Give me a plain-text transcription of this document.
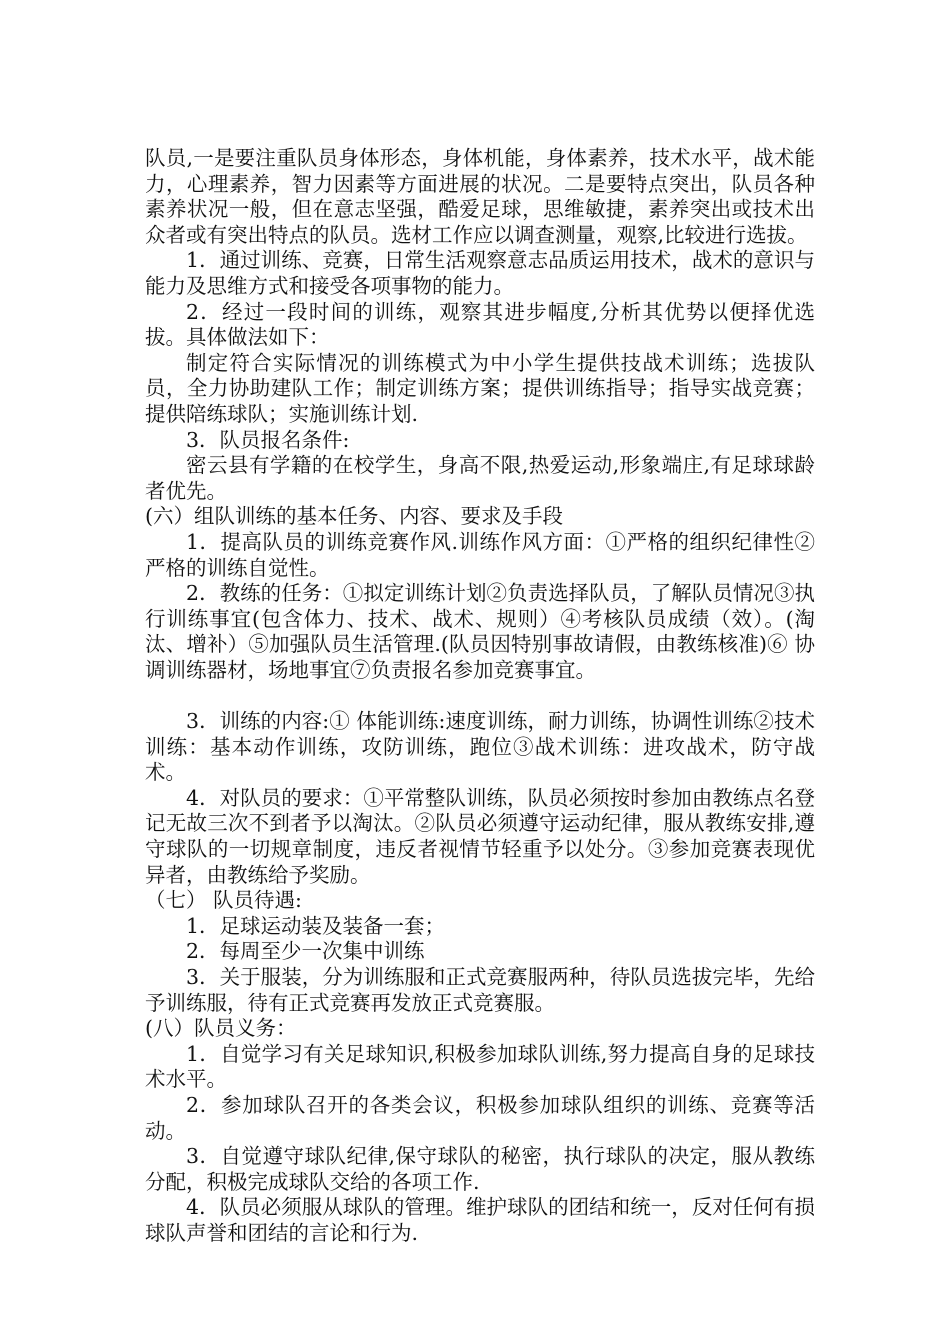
队员,一是要注重队员身体形态，身体机能，身体素养，技术水平，战术能力，心理素养，智力因素等方面进展的状况。二是要特点突出，队员各种素养状况一般，但在意志坚强，酷爱足球，思维敏捷，素养突出或技术出众者或有突出特点的队员。选材工作应以调查测量，观察,比较进行选拔。

1．通过训练、竞赛，日常生活观察意志品质运用技术，战术的意识与能力及思维方式和接受各项事物的能力。

2．经过一段时间的训练，观察其进步幅度,分析其优势以便择优选拔。具体做法如下：

制定符合实际情况的训练模式为中小学生提供技战术训练；选拔队员，全力协助建队工作；制定训练方案；提供训练指导；指导实战竞赛；提供陪练球队；实施训练计划.

3．队员报名条件:

密云县有学籍的在校学生，身高不限,热爱运动,形象端庄,有足球球龄者优先。

(六）组队训练的基本任务、内容、要求及手段

1．提高队员的训练竞赛作风.训练作风方面：①严格的组织纪律性②严格的训练自觉性。

2．教练的任务：①拟定训练计划②负责选择队员，了解队员情况③执行训练事宜(包含体力、技术、战术、规则）④考核队员成绩（效）。(淘汰、增补）⑤加强队员生活管理.(队员因特别事故请假，由教练核准)⑥ 协调训练器材，场地事宜⑦负责报名参加竞赛事宜。

3．训练的内容:① 体能训练:速度训练，耐力训练，协调性训练②技术训练：基本动作训练，攻防训练，跑位③战术训练：进攻战术，防守战术。

4．对队员的要求：①平常整队训练，队员必须按时参加由教练点名登记无故三次不到者予以淘汰。②队员必须遵守运动纪律，服从教练安排,遵守球队的一切规章制度，违反者视情节轻重予以处分。③参加竞赛表现优异者，由教练给予奖励。

（七） 队员待遇:

1．足球运动装及装备一套；

2．每周至少一次集中训练

3．关于服装，分为训练服和正式竞赛服两种，待队员选拔完毕，先给予训练服，待有正式竞赛再发放正式竞赛服。

(八）队员义务：

1．自觉学习有关足球知识,积极参加球队训练,努力提高自身的足球技术水平。

2．参加球队召开的各类会议，积极参加球队组织的训练、竞赛等活动。

3．自觉遵守球队纪律,保守球队的秘密，执行球队的决定，服从教练分配，积极完成球队交给的各项工作.

4．队员必须服从球队的管理。维护球队的团结和统一，反对任何有损球队声誉和团结的言论和行为.
